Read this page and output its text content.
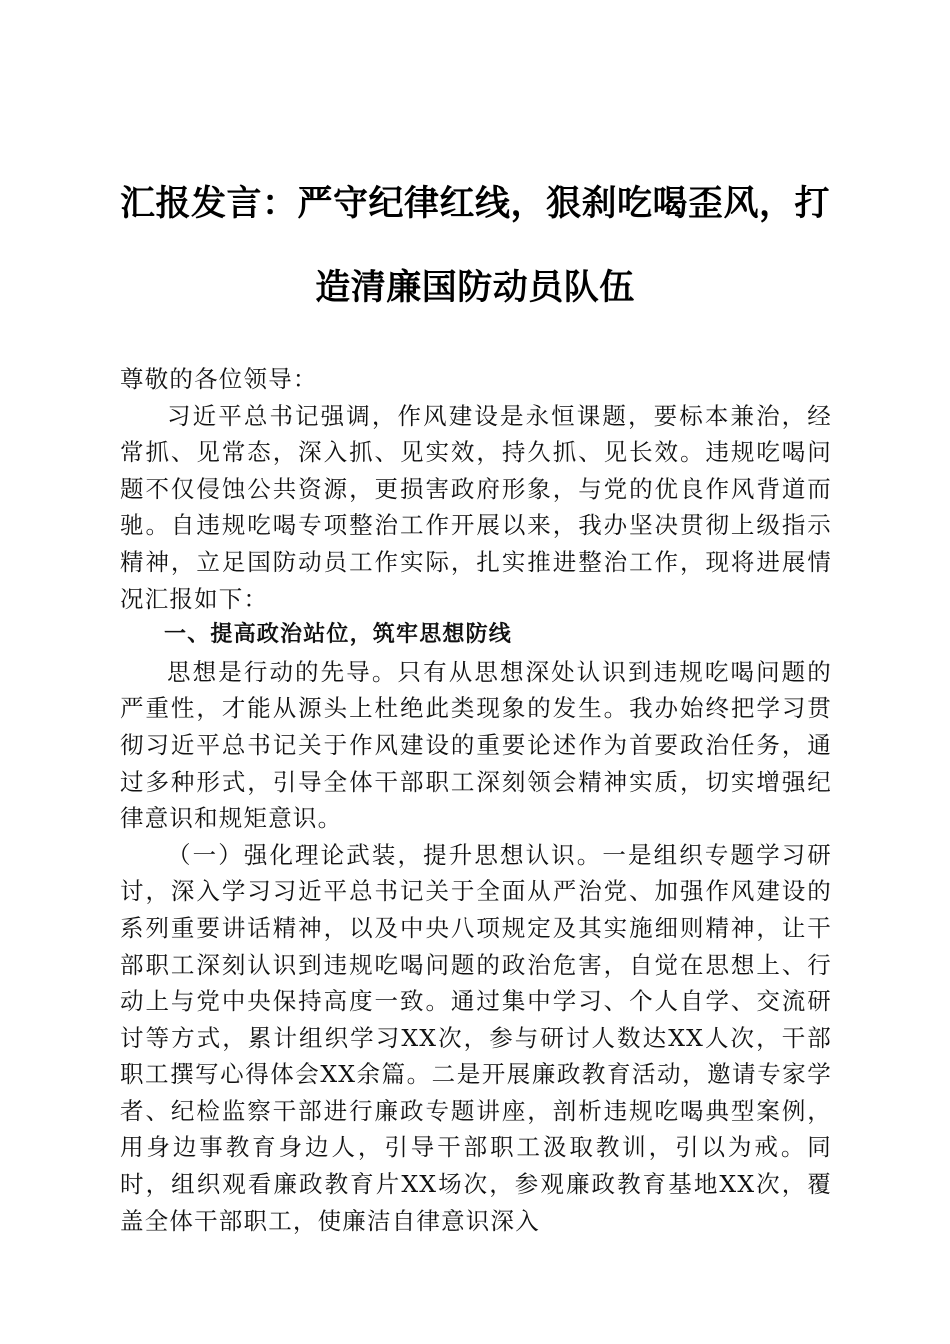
汇报发言：严守纪律红线，狠刹吃喝歪风，打造清廉国防动员队伍

尊敬的各位领导：

习近平总书记强调，作风建设是永恒课题，要标本兼治，经常抓、见常态，深入抓、见实效，持久抓、见长效。违规吃喝问题不仅侵蚀公共资源，更损害政府形象，与党的优良作风背道而驰。自违规吃喝专项整治工作开展以来，我办坚决贯彻上级指示精神，立足国防动员工作实际，扎实推进整治工作，现将进展情况汇报如下：

一、提高政治站位，筑牢思想防线

思想是行动的先导。只有从思想深处认识到违规吃喝问题的严重性，才能从源头上杜绝此类现象的发生。我办始终把学习贯彻习近平总书记关于作风建设的重要论述作为首要政治任务，通过多种形式，引导全体干部职工深刻领会精神实质，切实增强纪律意识和规矩意识。

（一）强化理论武装，提升思想认识。一是组织专题学习研讨，深入学习习近平总书记关于全面从严治党、加强作风建设的系列重要讲话精神，以及中央八项规定及其实施细则精神，让干部职工深刻认识到违规吃喝问题的政治危害，自觉在思想上、行动上与党中央保持高度一致。通过集中学习、个人自学、交流研讨等方式，累计组织学习XX次，参与研讨人数达XX人次，干部职工撰写心得体会XX余篇。二是开展廉政教育活动，邀请专家学者、纪检监察干部进行廉政专题讲座，剖析违规吃喝典型案例，用身边事教育身边人，引导干部职工汲取教训，引以为戒。同时，组织观看廉政教育片XX场次，参观廉政教育基地XX次，覆盖全体干部职工，使廉洁自律意识深入
